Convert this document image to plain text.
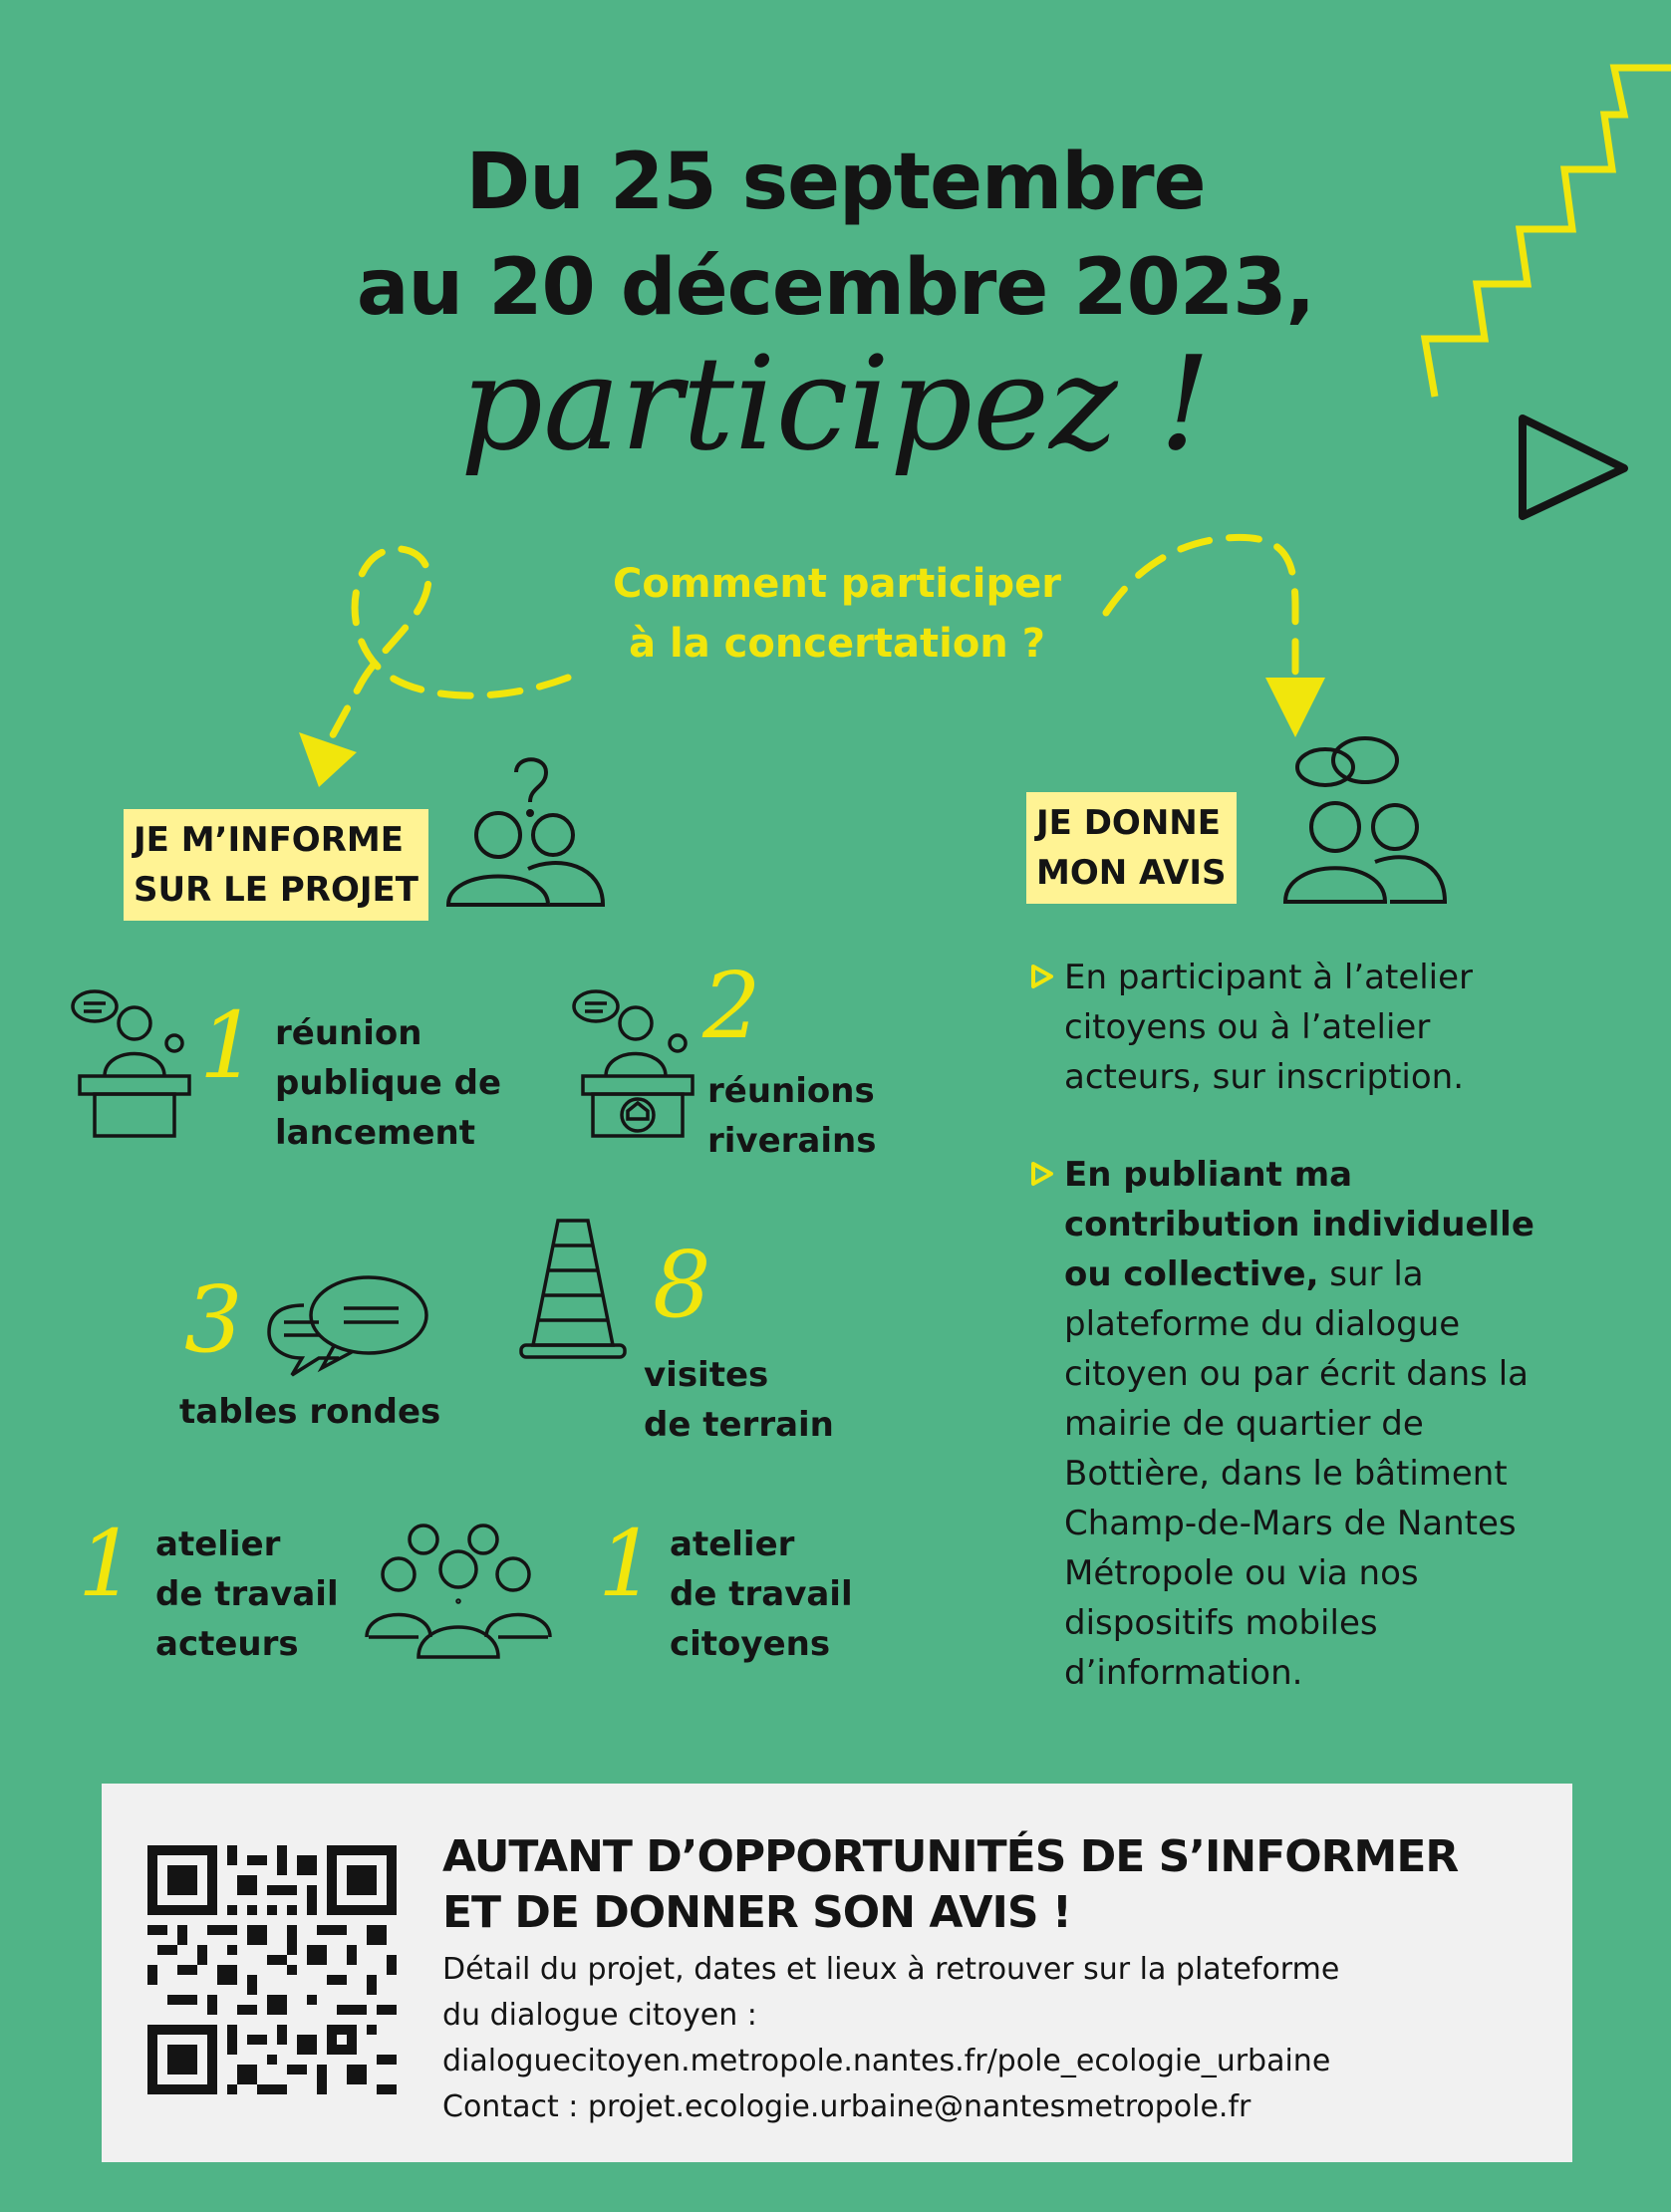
Du 25 septembre
au 20 décembre 2023,
participez !
Comment participer
à la concertation ?
JE M’INFORME
SUR LE PROJET
JE DONNE
MON AVIS
1 réunion
publique de
lancement
2
réunions
riverains
3
tables rondes
8
visites
de terrain
1 atelier
de travail
acteurs
1 atelier
de travail
citoyens
En participant à l’atelier citoyens ou à l’atelier acteurs, sur inscription.
En publiant ma contribution individuelle ou collective, sur la plateforme du dialogue citoyen ou par écrit dans la mairie de quartier de Bottière, dans le bâtiment Champ-de-Mars de Nantes Métropole ou via nos dispositifs mobiles d’information.
AUTANT D’OPPORTUNITÉS DE S’INFORMER
ET DE DONNER SON AVIS !
Détail du projet, dates et lieux à retrouver sur la plateforme
du dialogue citoyen :
dialoguecitoyen.metropole.nantes.fr/pole_ecologie_urbaine
Contact : projet.ecologie.urbaine@nantesmetropole.fr
